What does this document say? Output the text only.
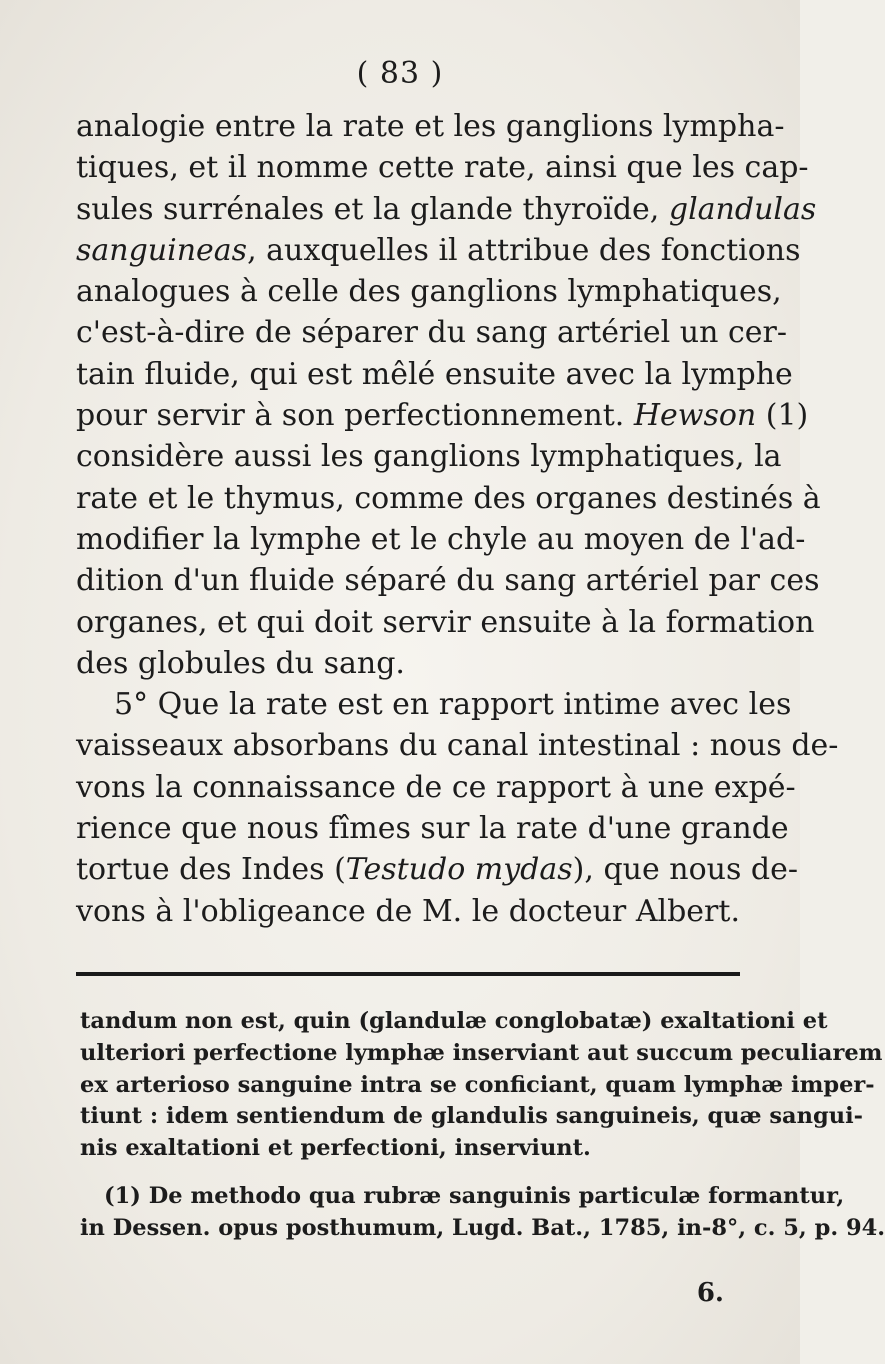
( 83 )
analogie entre la rate et les ganglions lympha-
tiques, et il nomme cette rate, ainsi que les cap-
sules surrénales et la glande thyroïde, glandulas
sanguineas, auxquelles il attribue des fonctions
analogues à celle des ganglions lymphatiques,
c'est-à-dire de séparer du sang artériel un cer-
tain fluide, qui est mêlé ensuite avec la lymphe
pour servir à son perfectionnement. Hewson (1)
considère aussi les ganglions lymphatiques, la
rate et le thymus, comme des organes destinés à
modifier la lymphe et le chyle au moyen de l'ad-
dition d'un fluide séparé du sang artériel par ces
organes, et qui doit servir ensuite à la formation
des globules du sang.
5° Que la rate est en rapport intime avec les
vaisseaux absorbans du canal intestinal : nous de-
vons la connaissance de ce rapport à une expé-
rience que nous fîmes sur la rate d'une grande
tortue des Indes (Testudo mydas), que nous de-
vons à l'obligeance de M. le docteur Albert.
tandum non est, quin (glandulæ conglobatæ) exaltationi et
ulteriori perfectione lymphæ inserviant aut succum peculiarem
ex arterioso sanguine intra se conficiant, quam lymphæ imper-
tiunt : idem sentiendum de glandulis sanguineis, quæ sangui-
nis exaltationi et perfectioni, inserviunt.
(1) De methodo qua rubræ sanguinis particulæ formantur,
in Dessen. opus posthumum, Lugd. Bat., 1785, in-8°, c. 5, p. 94.
6.
